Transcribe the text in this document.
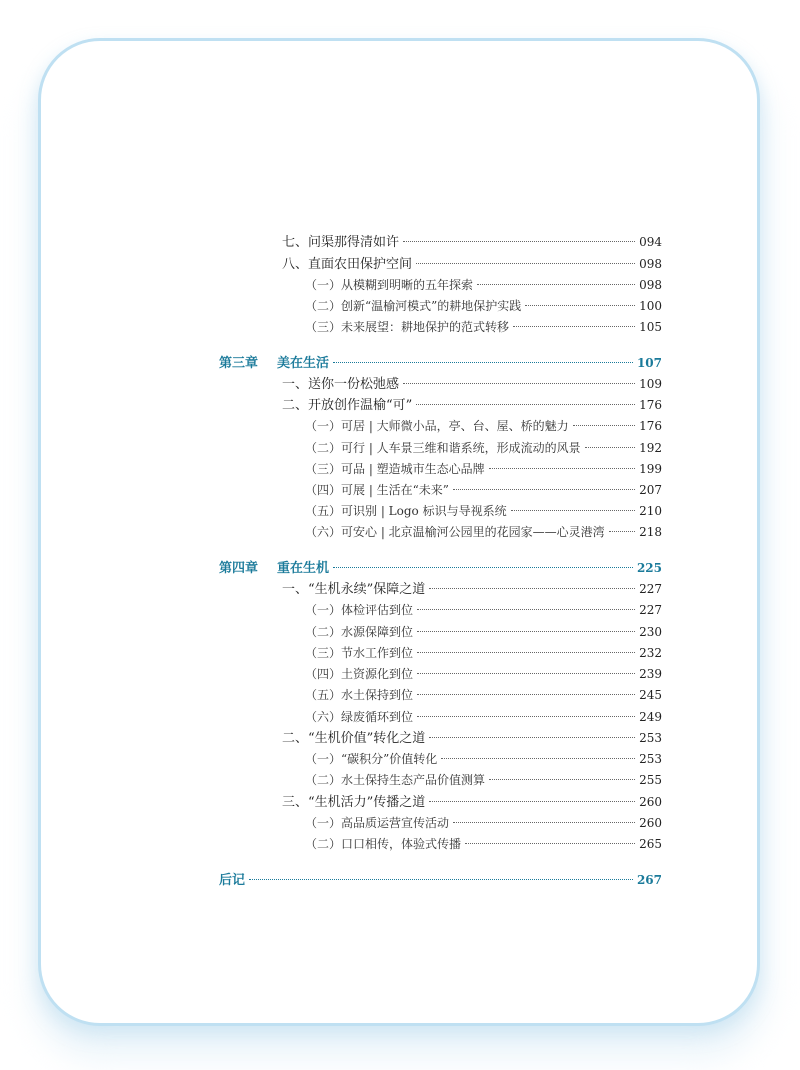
七、问渠那得清如许	094
八、直面农田保护空间	098
（一）从模糊到明晰的五年探索	098
（二）创新“温榆河模式”的耕地保护实践	100
（三）未来展望：耕地保护的范式转移	105
第三章	美在生活	107
一、送你一份松弛感	109
二、开放创作温榆“可”	176
（一）可居 | 大师微小品，亭、台、屋、桥的魅力	176
（二）可行 | 人车景三维和谐系统，形成流动的风景	192
（三）可品 | 塑造城市生态心品牌	199
（四）可展 | 生活在“未来”	207
（五）可识别 | Logo 标识与导视系统	210
（六）可安心 | 北京温榆河公园里的花园家——心灵港湾	218
第四章	重在生机	225
一、“生机永续”保障之道	227
（一）体检评估到位	227
（二）水源保障到位	230
（三）节水工作到位	232
（四）土资源化到位	239
（五）水土保持到位	245
（六）绿废循环到位	249
二、“生机价值”转化之道	253
（一）“碳积分”价值转化	253
（二）水土保持生态产品价值测算	255
三、“生机活力”传播之道	260
（一）高品质运营宣传活动	260
（二）口口相传，体验式传播	265
后记	267
